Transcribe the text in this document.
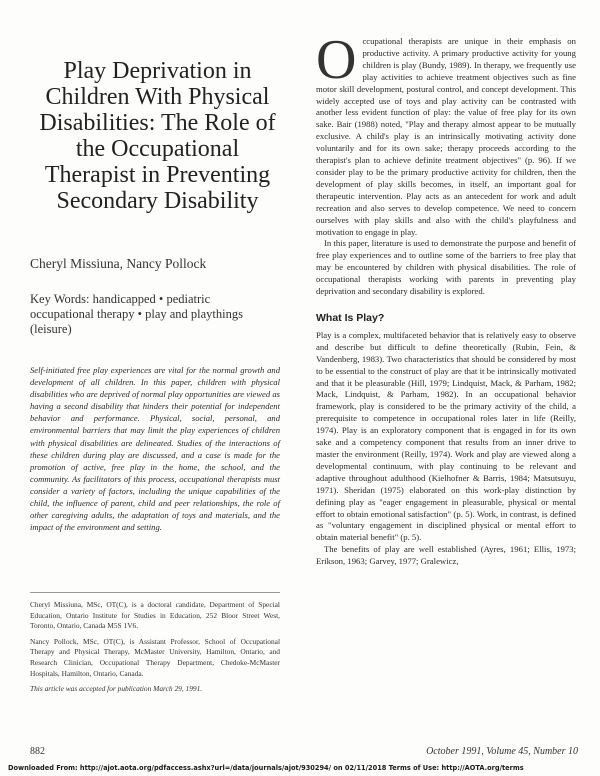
Play Deprivation in
Children With Physical
Disabilities: The Role of
the Occupational
Therapist in Preventing
Secondary Disability
Cheryl Missiuna, Nancy Pollock
Key Words: handicapped • pediatric occupational therapy • play and playthings (leisure)
Self-initiated free play experiences are vital for the normal growth and development of all children. In this paper, children with physical disabilities who are deprived of normal play opportunities are viewed as having a second disability that hinders their potential for independent behavior and performance. Physical, social, personal, and environmental barriers that may limit the play experiences of children with physical disabilities are delineated. Studies of the interactions of these children during play are discussed, and a case is made for the promotion of active, free play in the home, the school, and the community. As facilitators of this process, occupational therapists must consider a variety of factors, including the unique capabilities of the child, the influence of parent, child and peer relationships, the role of other caregiving adults, the adaptation of toys and materials, and the impact of the environment and setting.

Cheryl Missiuna, MSc, OT(C), is a doctoral candidate, Department of Special Education, Ontario Institute for Studies in Education, 252 Bloor Street West, Toronto, Ontario, Canada M5S 1V6.

Nancy Pollock, MSc, OT(C), is Assistant Professor, School of Occupational Therapy and Physical Therapy, McMaster University, Hamilton, Ontario, and Research Clinician, Occupational Therapy Department, Chedoke-McMaster Hospitals, Hamilton, Ontario, Canada.

This article was accepted for publication March 29, 1991.

O ccupational therapists are unique in their emphasis on productive activity. A primary productive activity for young children is play (Bundy, 1989). In therapy, we frequently use play activities to achieve treatment objectives such as fine motor skill development, postural control, and concept development. This widely accepted use of toys and play activity can be contrasted with another less evident function of play: the value of free play for its own sake. Bair (1988) noted, "Play and therapy almost appear to be mutually exclusive. A child's play is an intrinsically motivating activity done voluntarily and for its own sake; therapy proceeds according to the therapist's plan to achieve definite treatment objectives" (p. 96). If we consider play to be the primary productive activity for children, then the development of play skills becomes, in itself, an important goal for therapeutic intervention. Play acts as an antecedent for work and adult recreation and also serves to develop competence. We need to concern ourselves with play skills and also with the child's playfulness and motivation to engage in play.

In this paper, literature is used to demonstrate the purpose and benefit of free play experiences and to outline some of the barriers to free play that may be encountered by children with physical disabilities. The role of occupational therapists working with parents in preventing play deprivation and secondary disability is explored.

What Is Play?

Play is a complex, multifaceted behavior that is relatively easy to observe and describe but difficult to define theoretically (Rubin, Fein, & Vandenberg, 1983). Two characteristics that should be considered by most to be essential to the construct of play are that it be intrinsically motivated and that it be pleasurable (Hill, 1979; Lindquist, Mack, & Parham, 1982; Mack, Lindquist, & Parham, 1982). In an occupational behavior framework, play is considered to be the primary activity of the child, a prerequisite to competence in occupational roles later in life (Reilly, 1974). Play is an exploratory component that is engaged in for its own sake and a competency component that results from an inner drive to master the environment (Reilly, 1974). Work and play are viewed along a developmental continuum, with play continuing to be relevant and adaptive throughout adulthood (Kielhofner & Barris, 1984; Matsutsuyu, 1971). Sheridan (1975) elaborated on this work-play distinction by defining play as "eager engagement in pleasurable, physical or mental effort to obtain emotional satisfaction" (p. 5). Work, in contrast, is defined as "voluntary engagement in disciplined physical or mental effort to obtain material benefit" (p. 5).

The benefits of play are well established (Ayres, 1961; Ellis, 1973; Erikson, 1963; Garvey, 1977; Gralewicz,

882	October 1991, Volume 45, Number 10
Downloaded From: http://ajot.aota.org/pdfaccess.ashx?url=/data/journals/ajot/930294/ on 02/11/2018 Terms of Use: http://AOTA.org/terms
